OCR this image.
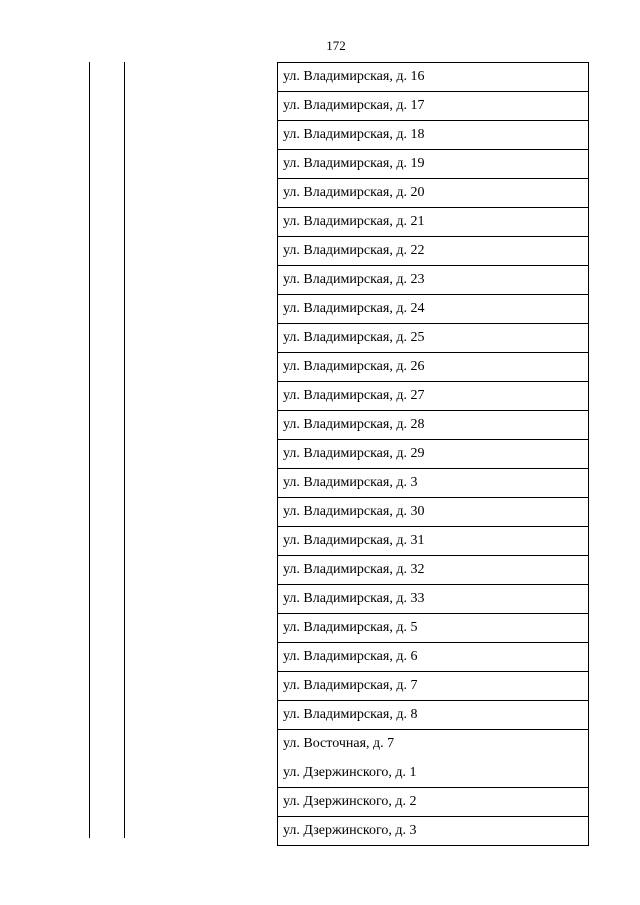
172
ул. Владимирская, д. 16
ул. Владимирская, д. 17
ул. Владимирская, д. 18
ул. Владимирская, д. 19
ул. Владимирская, д. 20
ул. Владимирская, д. 21
ул. Владимирская, д. 22
ул. Владимирская, д. 23
ул. Владимирская, д. 24
ул. Владимирская, д. 25
ул. Владимирская, д. 26
ул. Владимирская, д. 27
ул. Владимирская, д. 28
ул. Владимирская, д. 29
ул. Владимирская, д. 3
ул. Владимирская, д. 30
ул. Владимирская, д. 31
ул. Владимирская, д. 32
ул. Владимирская, д. 33
ул. Владимирская, д. 5
ул. Владимирская, д. 6
ул. Владимирская, д. 7
ул. Владимирская, д. 8
ул. Восточная, д. 7
ул. Дзержинского, д. 1
ул. Дзержинского, д. 2
ул. Дзержинского, д. 3
